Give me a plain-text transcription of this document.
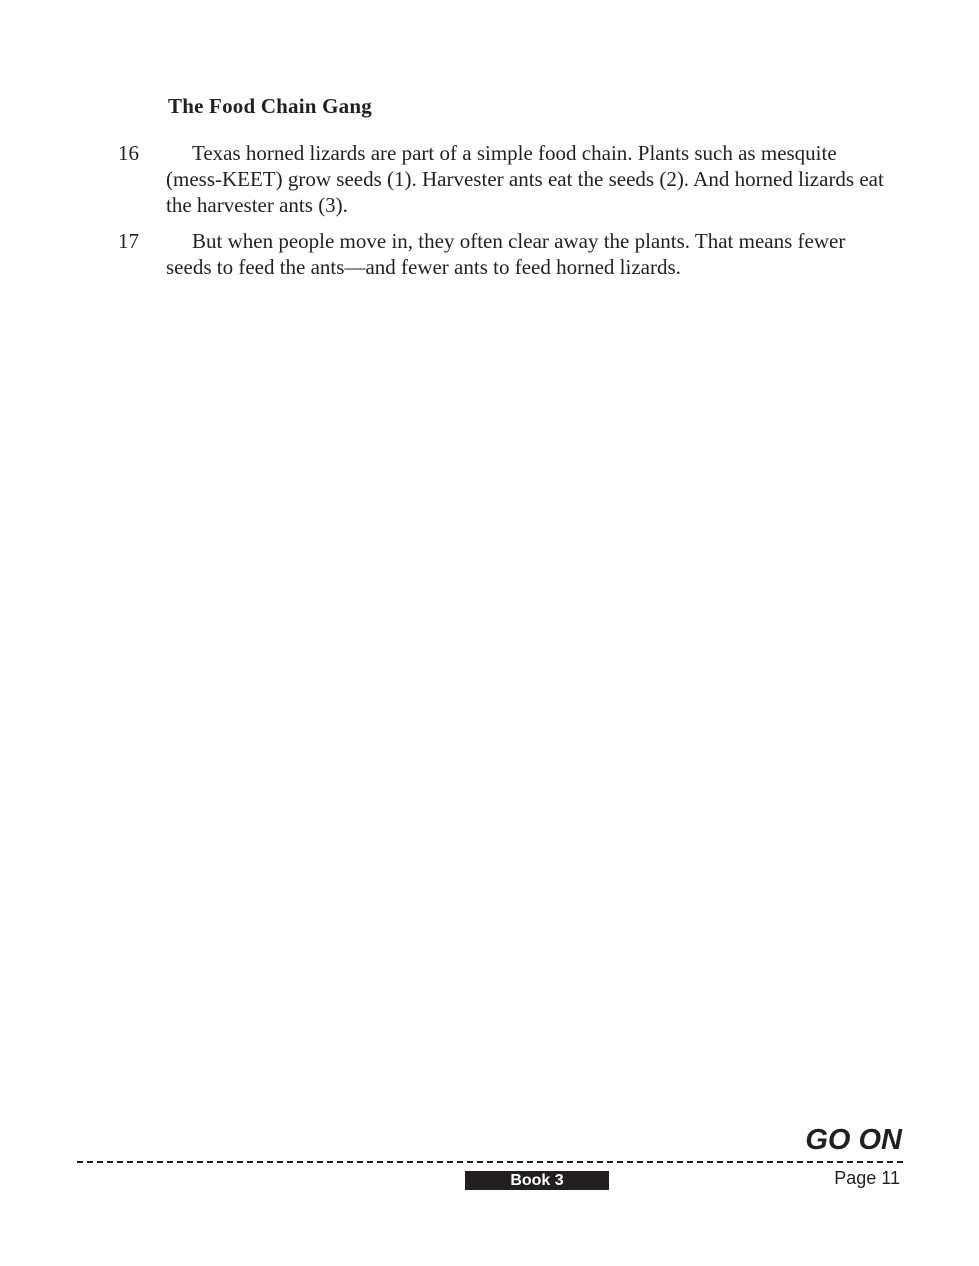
The Food Chain Gang
16	Texas horned lizards are part of a simple food chain. Plants such as mesquite (mess-KEET) grow seeds (1). Harvester ants eat the seeds (2). And horned lizards eat the harvester ants (3).
17	But when people move in, they often clear away the plants. That means fewer seeds to feed the ants—and fewer ants to feed horned lizards.
GO ON
Book 3	Page 11
